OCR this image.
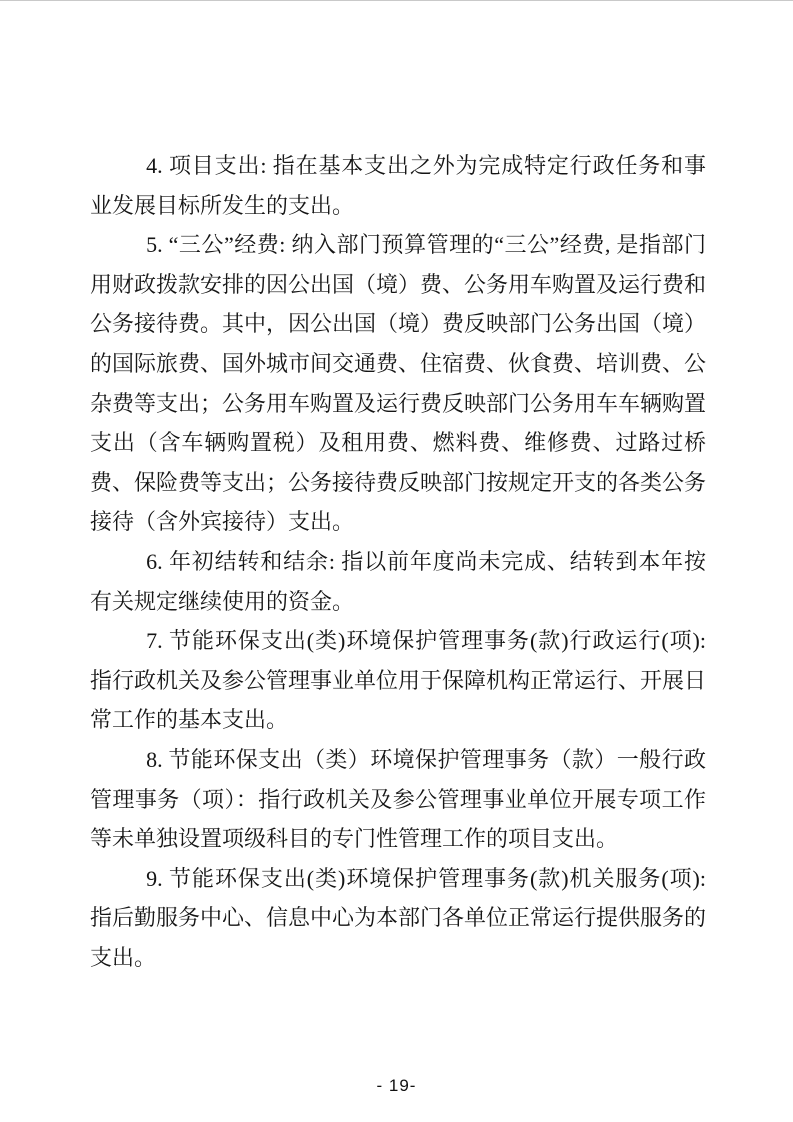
4. 项目支出: 指在基本支出之外为完成特定行政任务和事业发展目标所发生的支出。

5. “三公”经费: 纳入部门预算管理的“三公”经费, 是指部门用财政拨款安排的因公出国（境）费、公务用车购置及运行费和公务接待费。其中，因公出国（境）费反映部门公务出国（境）的国际旅费、国外城市间交通费、住宿费、伙食费、培训费、公杂费等支出；公务用车购置及运行费反映部门公务用车车辆购置支出（含车辆购置税）及租用费、燃料费、维修费、过路过桥费、保险费等支出；公务接待费反映部门按规定开支的各类公务接待（含外宾接待）支出。

6. 年初结转和结余: 指以前年度尚未完成、结转到本年按有关规定继续使用的资金。

7. 节能环保支出(类)环境保护管理事务(款)行政运行(项): 指行政机关及参公管理事业单位用于保障机构正常运行、开展日常工作的基本支出。

8. 节能环保支出（类）环境保护管理事务（款）一般行政管理事务（项）：指行政机关及参公管理事业单位开展专项工作等未单独设置项级科目的专门性管理工作的项目支出。

9. 节能环保支出(类)环境保护管理事务(款)机关服务(项): 指后勤服务中心、信息中心为本部门各单位正常运行提供服务的支出。

- 19-
